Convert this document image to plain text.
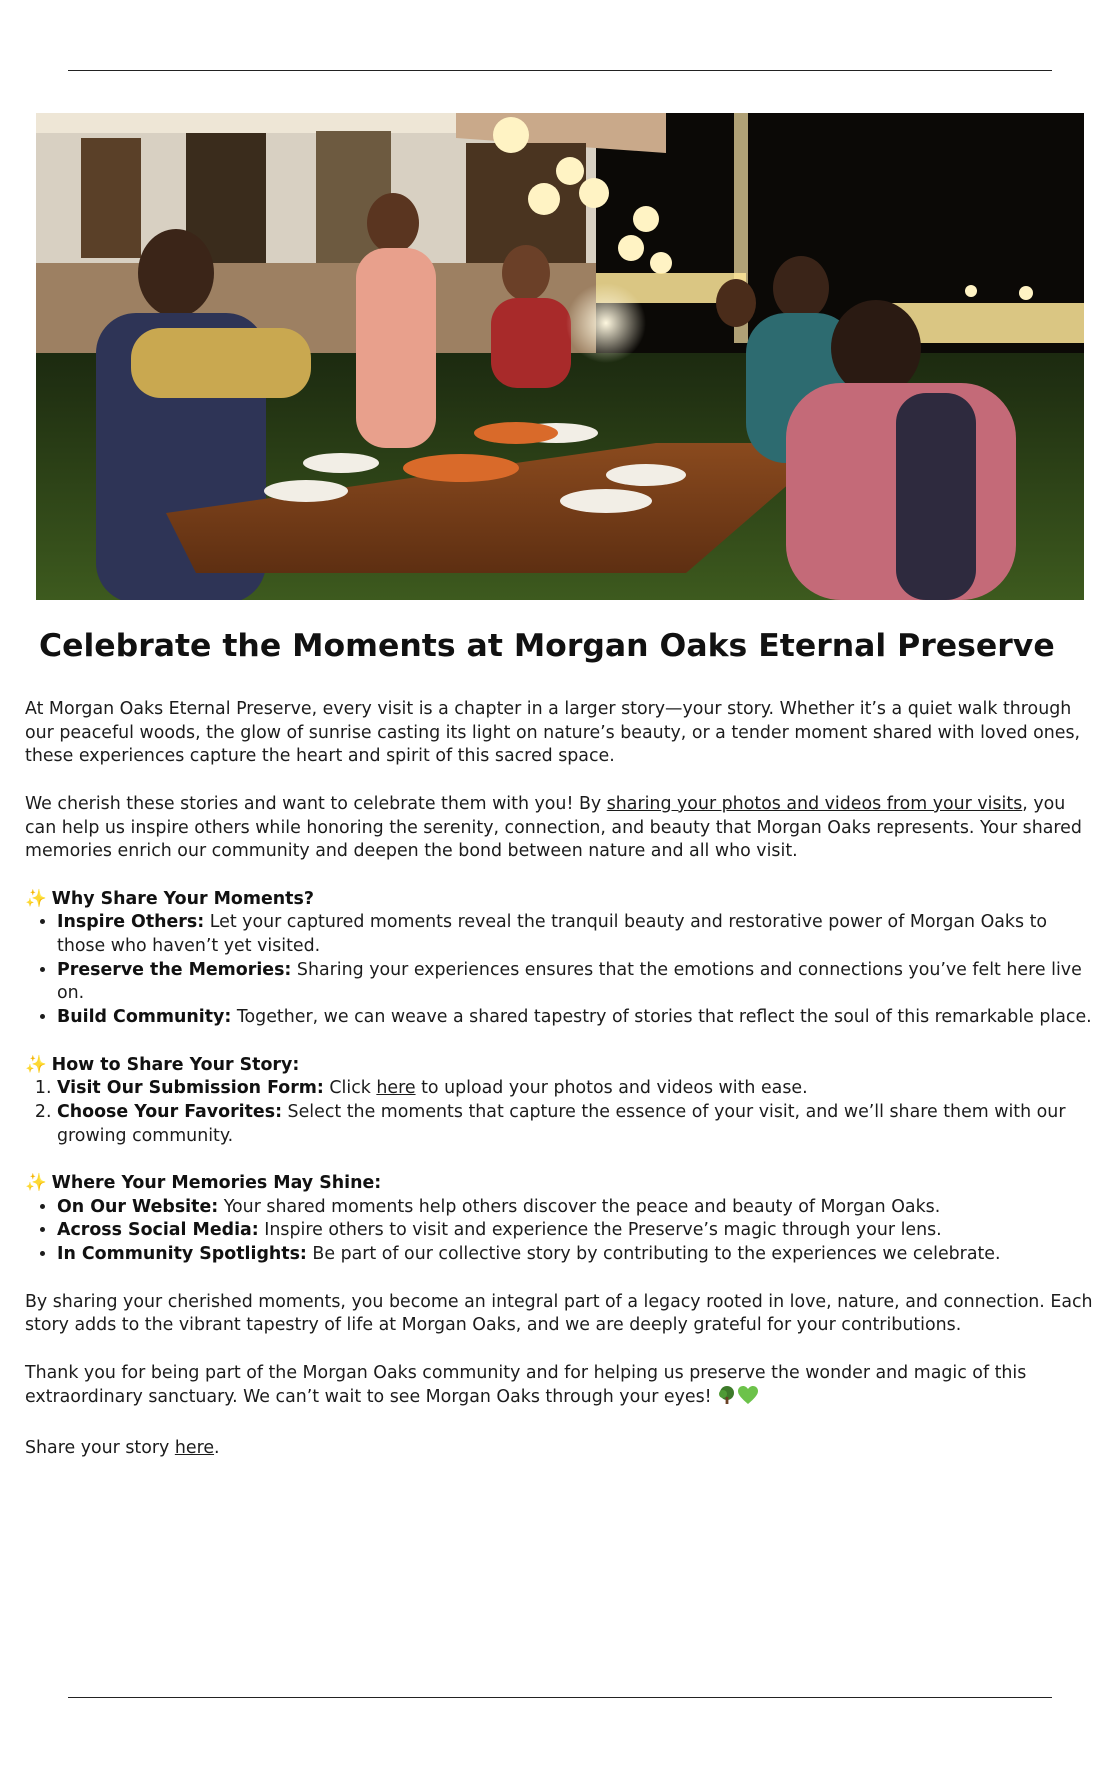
Celebrate the Moments at Morgan Oaks Eternal Preserve

At Morgan Oaks Eternal Preserve, every visit is a chapter in a larger story—your story. Whether it’s a quiet walk through our peaceful woods, the glow of sunrise casting its light on nature’s beauty, or a tender moment shared with loved ones, these experiences capture the heart and spirit of this sacred space.

We cherish these stories and want to celebrate them with you! By sharing your photos and videos from your visits, you can help us inspire others while honoring the serenity, connection, and beauty that Morgan Oaks represents. Your shared memories enrich our community and deepen the bond between nature and all who visit.

✨ Why Share Your Moments?
• Inspire Others: Let your captured moments reveal the tranquil beauty and restorative power of Morgan Oaks to those who haven’t yet visited.
• Preserve the Memories: Sharing your experiences ensures that the emotions and connections you’ve felt here live on.
• Build Community: Together, we can weave a shared tapestry of stories that reflect the soul of this remarkable place.
✨ How to Share Your Story:
1. Visit Our Submission Form: Click here to upload your photos and videos with ease.
2. Choose Your Favorites: Select the moments that capture the essence of your visit, and we’ll share them with our growing community.
✨ Where Your Memories May Shine:
• On Our Website: Your shared moments help others discover the peace and beauty of Morgan Oaks.
• Across Social Media: Inspire others to visit and experience the Preserve’s magic through your lens.
• In Community Spotlights: Be part of our collective story by contributing to the experiences we celebrate.

By sharing your cherished moments, you become an integral part of a legacy rooted in love, nature, and connection. Each story adds to the vibrant tapestry of life at Morgan Oaks, and we are deeply grateful for your contributions.

Thank you for being part of the Morgan Oaks community and for helping us preserve the wonder and magic of this extraordinary sanctuary. We can’t wait to see Morgan Oaks through your eyes!

Share your story here.
